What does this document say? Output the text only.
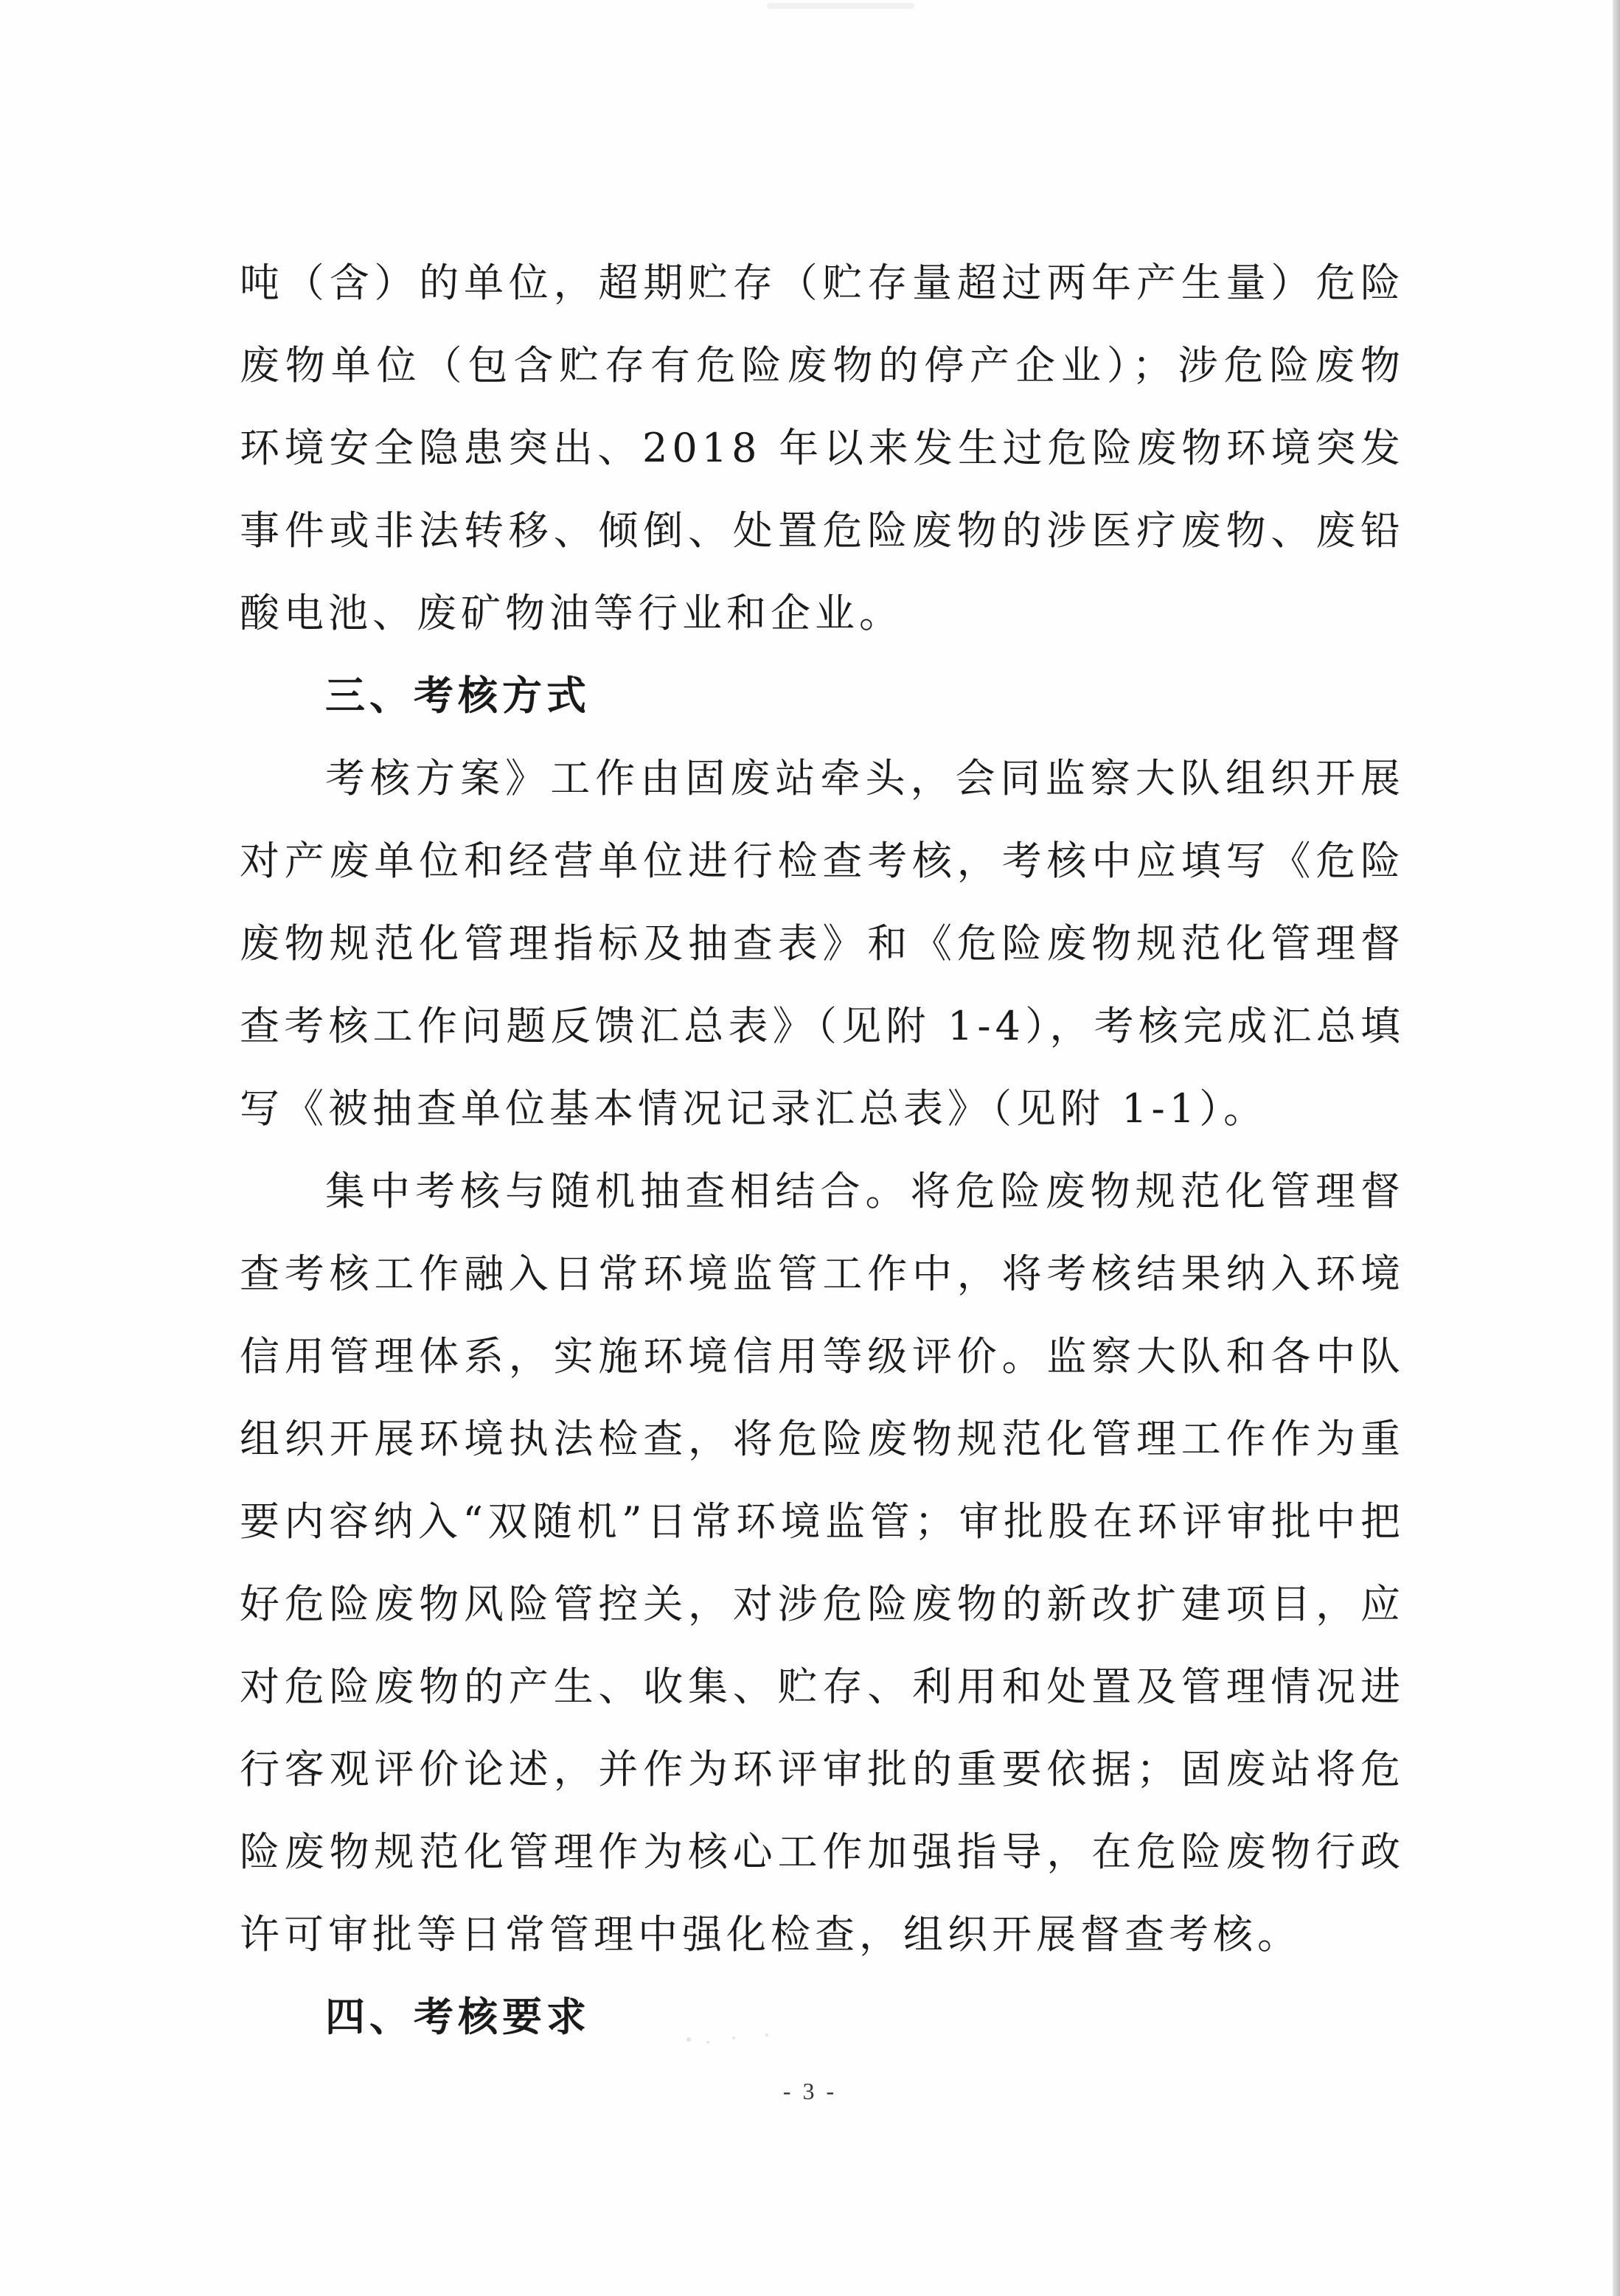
吨（含）的单位，超期贮存（贮存量超过两年产生量）危险废物单位（包含贮存有危险废物的停产企业）；涉危险废物环境安全隐患突出、2018 年以来发生过危险废物环境突发事件或非法转移、倾倒、处置危险废物的涉医疗废物、废铅酸电池、废矿物油等行业和企业。

三、考核方式

考核方案》工作由固废站牵头，会同监察大队组织开展对产废单位和经营单位进行检查考核，考核中应填写《危险废物规范化管理指标及抽查表》和《危险废物规范化管理督查考核工作问题反馈汇总表》（见附 1-4），考核完成汇总填写《被抽查单位基本情况记录汇总表》（见附 1-1）。

集中考核与随机抽查相结合。将危险废物规范化管理督查考核工作融入日常环境监管工作中，将考核结果纳入环境信用管理体系，实施环境信用等级评价。监察大队和各中队组织开展环境执法检查，将危险废物规范化管理工作作为重要内容纳入“双随机”日常环境监管；审批股在环评审批中把好危险废物风险管控关，对涉危险废物的新改扩建项目，应对危险废物的产生、收集、贮存、利用和处置及管理情况进行客观评价论述，并作为环评审批的重要依据；固废站将危险废物规范化管理作为核心工作加强指导，在危险废物行政许可审批等日常管理中强化检查，组织开展督查考核。

四、考核要求
- 3 -
